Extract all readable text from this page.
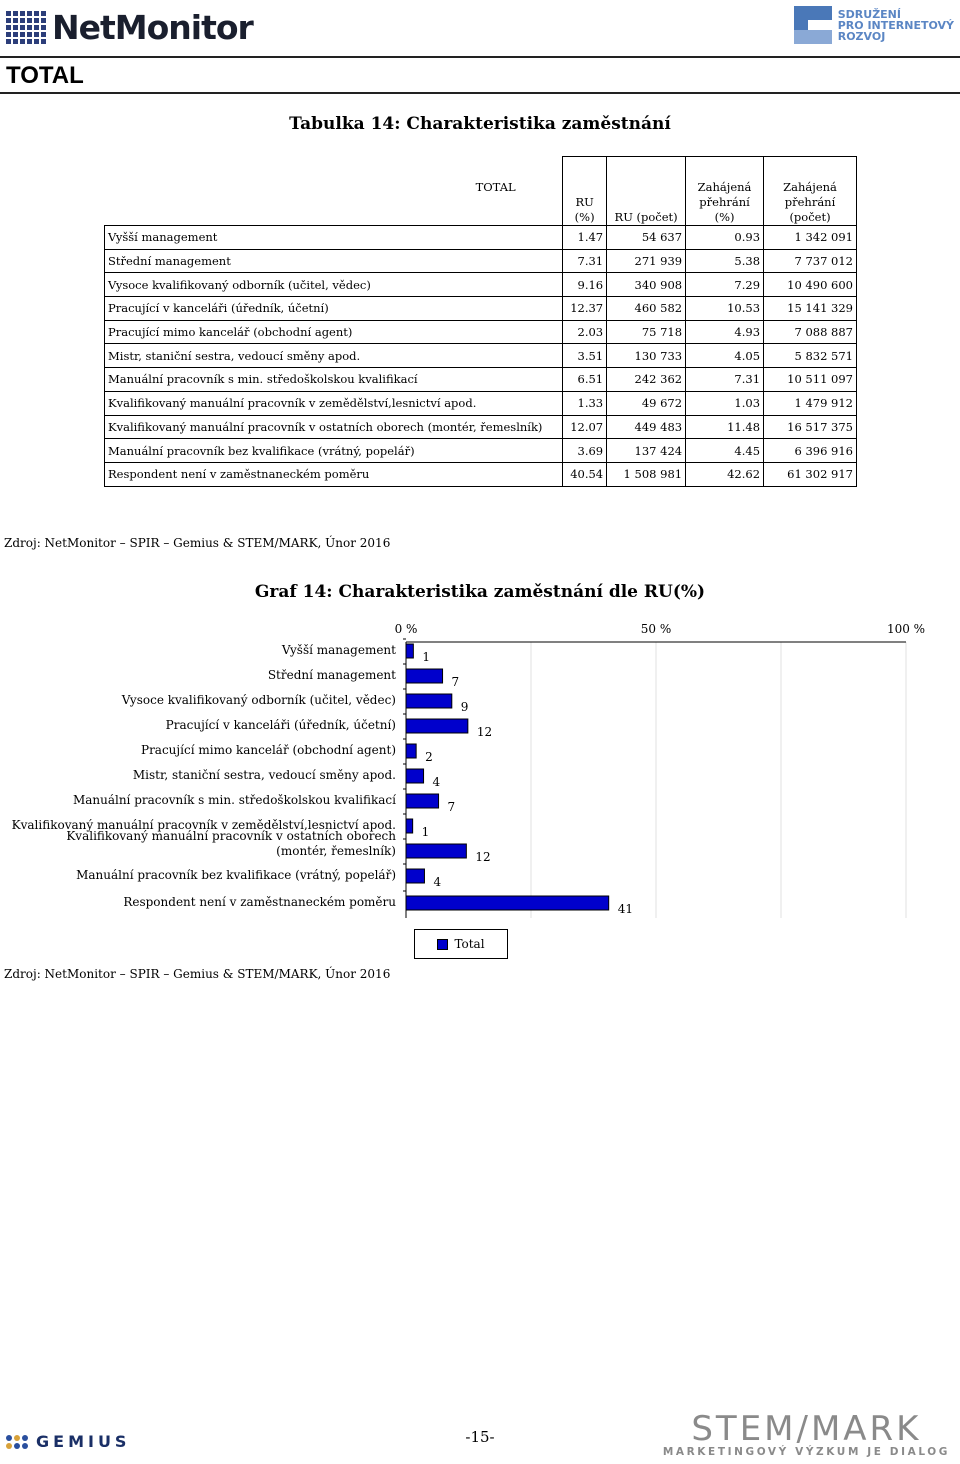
NetMonitor	SDRUŽENÍ
PRO INTERNETOVÝ
ROZVOJ
TOTAL
Tabulka 14: Charakteristika zaměstnání

	TOTAL
RU (%)	RU (počet)	Zahájená přehrání (%)	Zahájená přehrání (počet)
Vyšší management	1.47	54 637	0.93	1 342 091
Střední management	7.31	271 939	5.38	7 737 012
Vysoce kvalifikovaný odborník (učitel, vědec)	9.16	340 908	7.29	10 490 600
Pracující v kanceláři (úředník, účetní)	12.37	460 582	10.53	15 141 329
Pracující mimo kancelář (obchodní agent)	2.03	75 718	4.93	7 088 887
Mistr, staniční sestra, vedoucí směny apod.	3.51	130 733	4.05	5 832 571
Manuální pracovník s min. středoškolskou kvalifikací	6.51	242 362	7.31	10 511 097
Kvalifikovaný manuální pracovník v zemědělství,lesnictví apod.	1.33	49 672	1.03	1 479 912
Kvalifikovaný manuální pracovník v ostatních oborech (montér, řemeslník)	12.07	449 483	11.48	16 517 375
Manuální pracovník bez kvalifikace (vrátný, popelář)	3.69	137 424	4.45	6 396 916
Respondent není v zaměstnaneckém poměru	40.54	1 508 981	42.62	61 302 917
Zdroj: NetMonitor – SPIR – Gemius & STEM/MARK, Únor 2016
Graf 14: Charakteristika zaměstnání dle RU(%)
Vyšší management
Střední management
Vysoce kvalifikovaný odborník (učitel, vědec)
Pracující v kanceláři (úředník, účetní)
Pracující mimo kancelář (obchodní agent)
Mistr, staniční sestra, vedoucí směny apod.
Manuální pracovník s min. středoškolskou kvalifikací
Kvalifikovaný manuální pracovník v zemědělství,lesnictví apod.
Kvalifikovaný manuální pracovník v ostatních oborech (montér, řemeslník)
Manuální pracovník bez kvalifikace (vrátný, popelář)
Respondent není v zaměstnaneckém poměru
0 %	50 %	100 %
1
7
9
12
2
4
7
1
12
4
41
Total
Zdroj: NetMonitor – SPIR – Gemius & STEM/MARK, Únor 2016
GEMIUS	-15-	STEM/MARK
MARKETINGOVÝ VÝZKUM JE DIALOG
